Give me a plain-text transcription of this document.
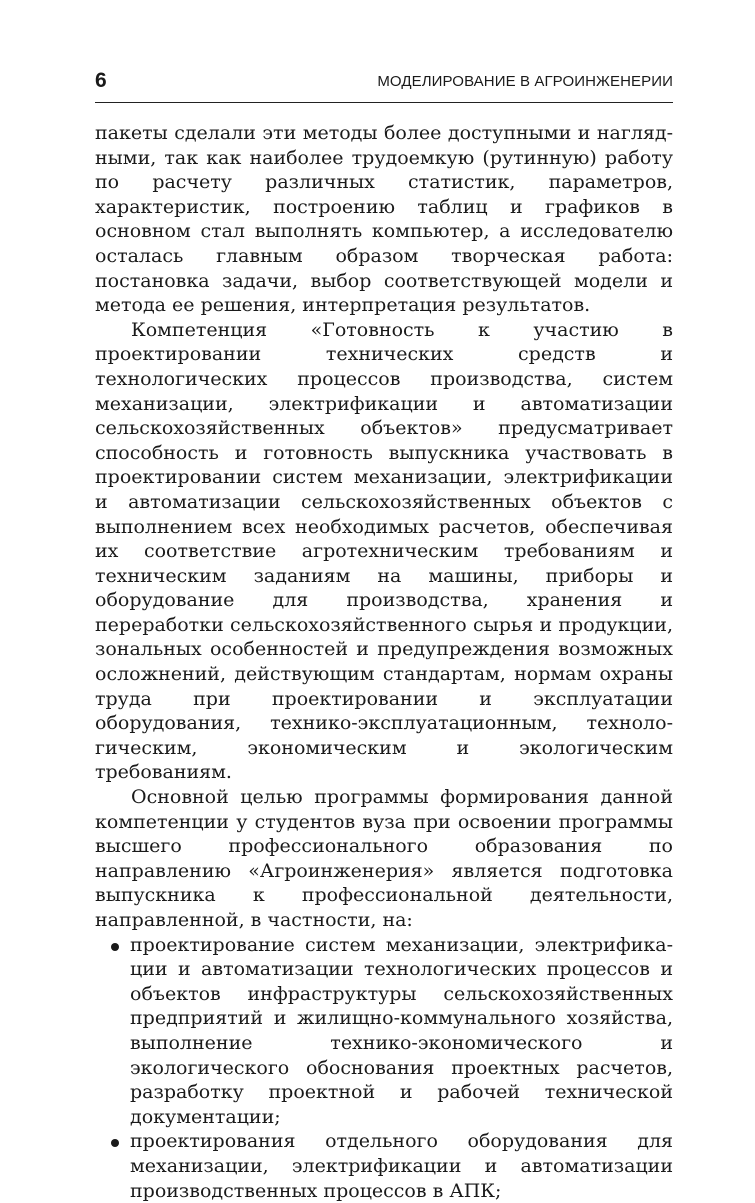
6	МОДЕЛИРОВАНИЕ В АГРОИНЖЕНЕРИИ

пакеты сделали эти методы более доступными и наглядными, так как наиболее трудоемкую (рутинную) работу по расчету различных статистик, параметров, характеристик, построению таблиц и графиков в основном стал выполнять компьютер, а исследователю осталась главным образом творческая работа: постановка задачи, выбор соответствующей модели и метода ее решения, интерпретация результатов.

Компетенция «Готовность к участию в проектировании технических средств и технологических процессов производства, систем механизации, электрификации и автоматизации сельскохозяйственных объектов» предусматривает способность и готовность выпускника участвовать в проектировании систем механизации, электрификации и автоматизации сельскохозяйственных объектов с выполнением всех необходимых расчетов, обеспечивая их соответствие агротехническим требованиям и техническим заданиям на машины, приборы и оборудование для производства, хранения и переработки сельскохозяйственного сырья и продукции, зональных особенностей и предупреждения возможных осложнений, действующим стандартам, нормам охраны труда при проектировании и эксплуатации оборудования, технико-эксплуатационным, технологическим, экономическим и экологическим требованиям.

Основной целью программы формирования данной компетенции у студентов вуза при освоении программы высшего профессионального образования по направлению «Агроинженерия» является подготовка выпускника к профессиональной деятельности, направленной, в частности, на:

проектирование систем механизации, электрификации и автоматизации технологических процессов и объектов инфраструктуры сельскохозяйственных предприятий и жилищно-коммунального хозяйства, выполнение технико-экономического и экологического обоснования проектных расчетов, разработку проектной и рабочей технической документации;
проектирования отдельного оборудования для механизации, электрификации и автоматизации производственных процессов в АПК;
